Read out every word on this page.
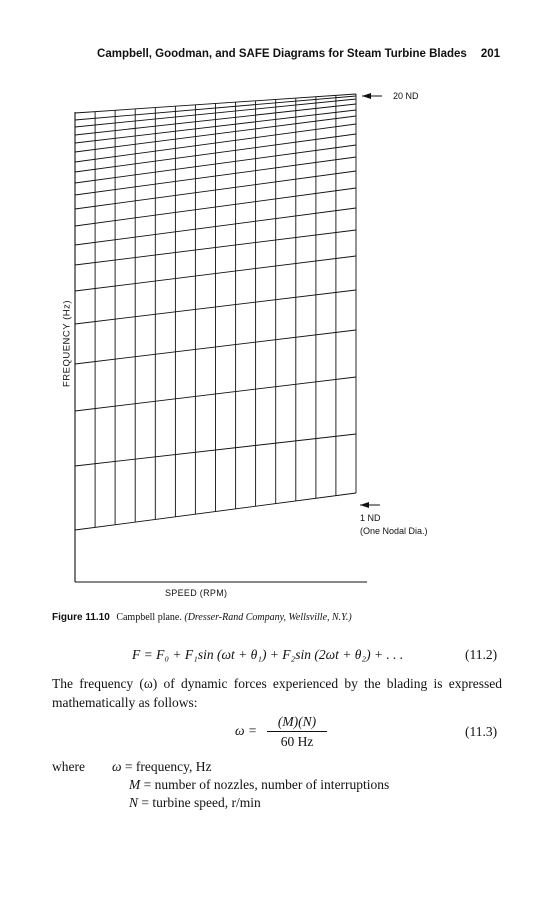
Campbell, Goodman, and SAFE Diagrams for Steam Turbine Blades 201
FREQUENCY (Hz)
SPEED (RPM)
20 ND
1 ND
(One Nodal Dia.)
Figure 11.10 Campbell plane. (Dresser-Rand Company, Wellsville, N.Y.)
F = F₀ + F₁sin (ωt + θ₁) + F₂sin (2ωt + θ₂) + . . .	(11.2)
The frequency (ω) of dynamic forces experienced by the blading is expressed mathematically as follows:
ω =
(M)(N)
60 Hz
(11.3)
where ω = frequency, Hz
M = number of nozzles, number of interruptions
N = turbine speed, r/min
